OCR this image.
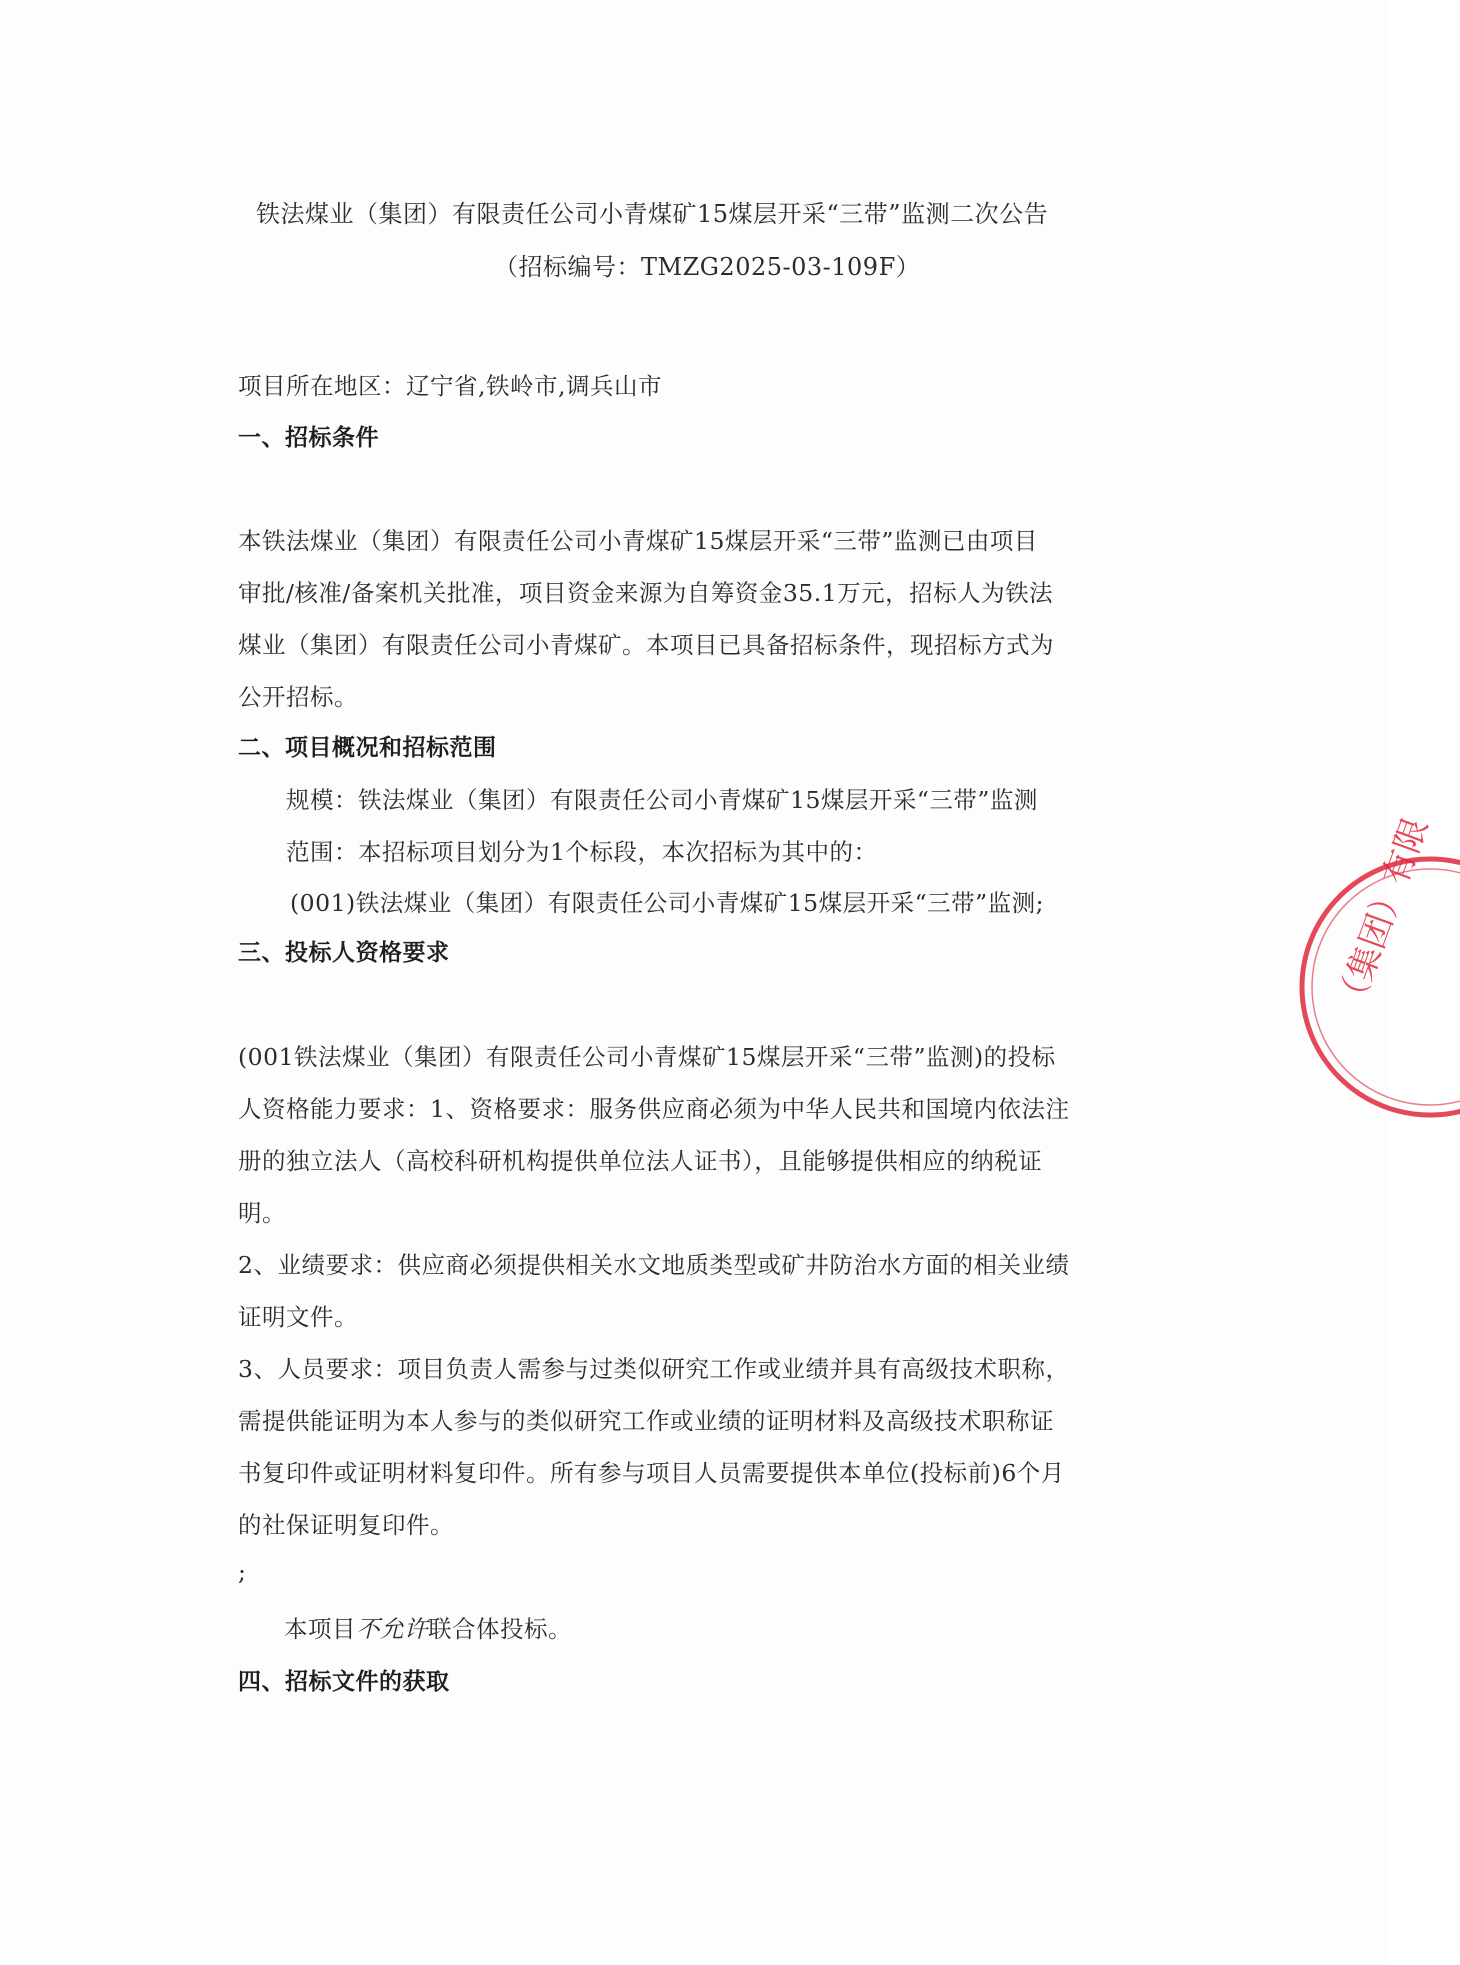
铁法煤业（集团）有限责任公司小青煤矿15煤层开采“三带”监测二次公告
（招标编号：TMZG2025-03-109F）
项目所在地区：辽宁省,铁岭市,调兵山市
一、招标条件
本铁法煤业（集团）有限责任公司小青煤矿15煤层开采“三带”监测已由项目
审批/核准/备案机关批准，项目资金来源为自筹资金35.1万元，招标人为铁法
煤业（集团）有限责任公司小青煤矿。本项目已具备招标条件，现招标方式为
公开招标。
二、项目概况和招标范围
规模：铁法煤业（集团）有限责任公司小青煤矿15煤层开采“三带”监测
范围：本招标项目划分为1个标段，本次招标为其中的：
(001)铁法煤业（集团）有限责任公司小青煤矿15煤层开采“三带”监测;
三、投标人资格要求
(001铁法煤业（集团）有限责任公司小青煤矿15煤层开采“三带”监测)的投标
人资格能力要求：1、资格要求：服务供应商必须为中华人民共和国境内依法注
册的独立法人（高校科研机构提供单位法人证书），且能够提供相应的纳税证
明。
2、业绩要求：供应商必须提供相关水文地质类型或矿井防治水方面的相关业绩
证明文件。
3、人员要求：项目负责人需参与过类似研究工作或业绩并具有高级技术职称，
需提供能证明为本人参与的类似研究工作或业绩的证明材料及高级技术职称证
书复印件或证明材料复印件。所有参与项目人员需要提供本单位(投标前)6个月
的社保证明复印件。
;
本项目不允许联合体投标。
四、招标文件的获取
（集团）有限
